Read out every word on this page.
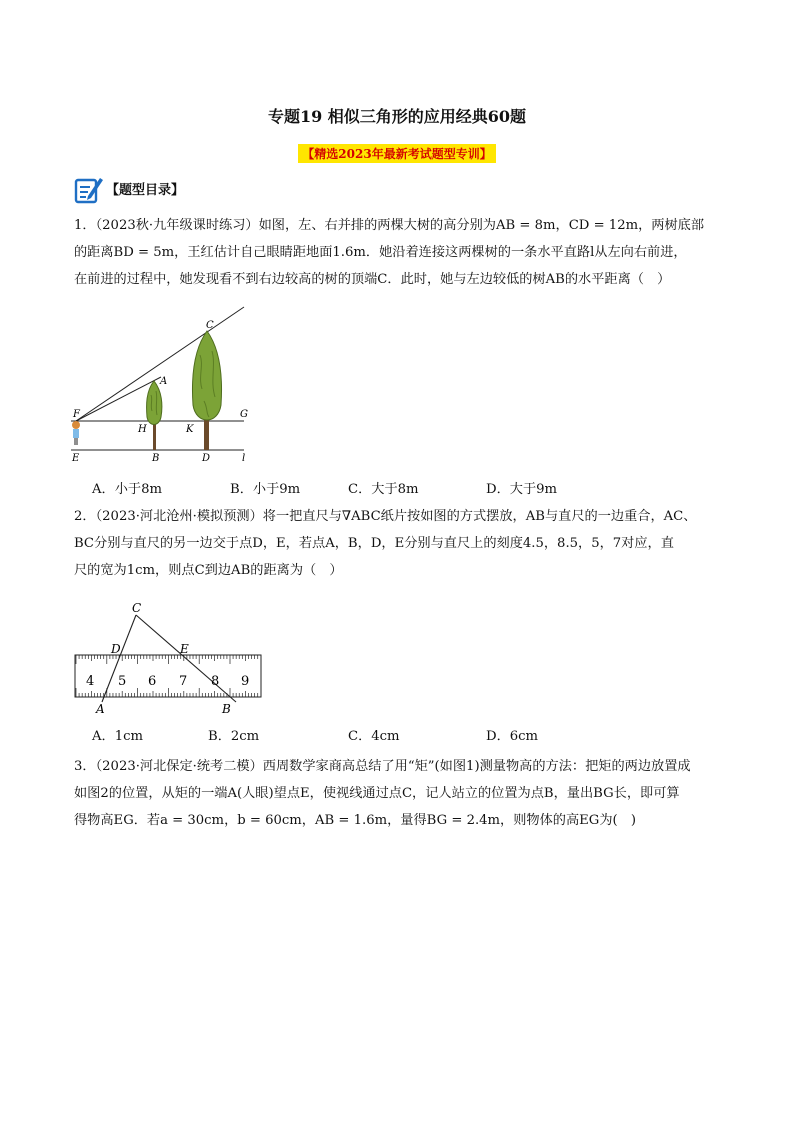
专题19 相似三角形的应用经典60题
【精选2023年最新考试题型专训】
【题型目录】
1．（2023秋·九年级课时练习）如图，左、右并排的两棵大树的高分别为AB = 8m，CD = 12m，两树底部
的距离BD = 5m，王红估计自己眼睛距地面1.6m．她沿着连接这两棵树的一条水平直路l从左向右前进，
在前进的过程中，她发现看不到右边较高的树的顶端C．此时，她与左边较低的树AB的水平距离（　）
C
A
F	G
H	K
E	B	D	l
A．小于8m	B．小于9m	C．大于8m	D．大于9m
2．（2023·河北沧州·模拟预测）将一把直尺与∇ABC纸片按如图的方式摆放，AB与直尺的一边重合，AC、
BC分别与直尺的另一边交于点D，E，若点A，B，D，E分别与直尺上的刻度4.5，8.5，5，7对应，直
尺的宽为1cm，则点C到边AB的距离为（　）
C
D	E
A	B
4 5 6 7 8 9
A．1cm	B．2cm	C．4cm	D．6cm
3．（2023·河北保定·统考二模）西周数学家商高总结了用“矩”(如图1)测量物高的方法：把矩的两边放置成
如图2的位置，从矩的一端A(人眼)望点E，使视线通过点C，记人站立的位置为点B，量出BG长，即可算
得物高EG．若a = 30cm，b = 60cm，AB = 1.6m，量得BG = 2.4m，则物体的高EG为(　)
